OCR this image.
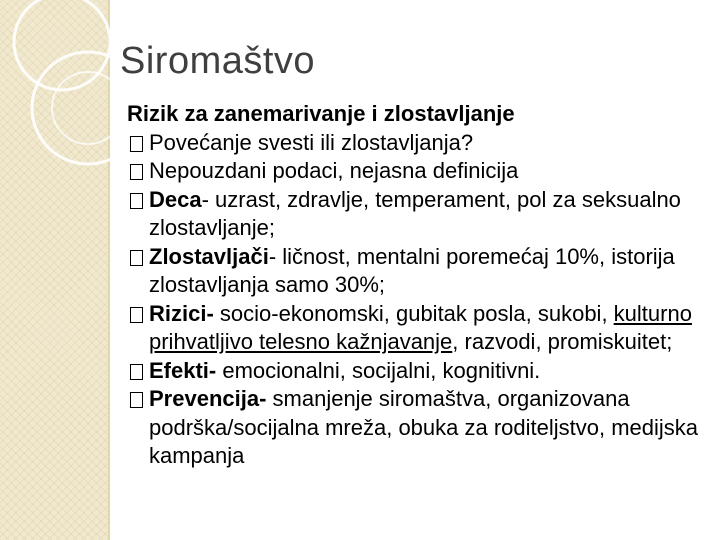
Siromaštvo
Rizik za zanemarivanje i zlostavljanje
Povećanje svesti ili zlostavljanja?
Nepouzdani podaci, nejasna definicija
Deca- uzrast, zdravlje, temperament, pol za seksualno zlostavljanje;
Zlostavljači- ličnost, mentalni poremećaj 10%, istorija zlostavljanja samo 30%;
Rizici- socio-ekonomski, gubitak posla, sukobi, kulturno prihvatljivo telesno kažnjavanje, razvodi, promiskuitet;
Efekti- emocionalni, socijalni, kognitivni.
Prevencija- smanjenje siromaštva, organizovana podrška/socijalna mreža, obuka za roditeljstvo, medijska kampanja
